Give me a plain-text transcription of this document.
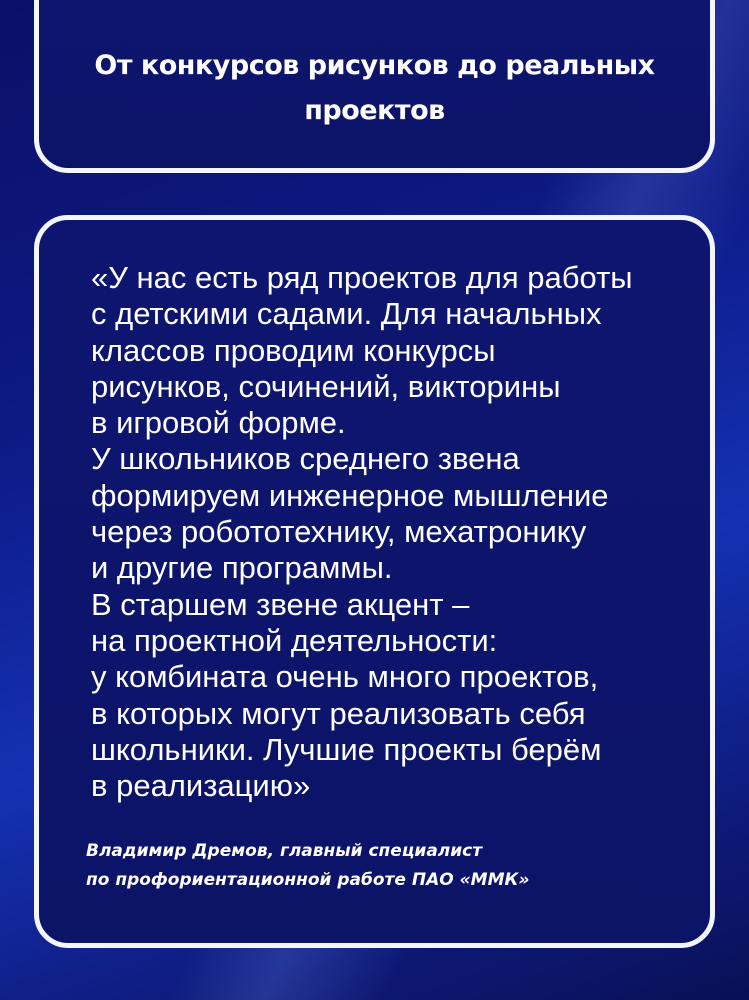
От конкурсов рисунков до реальных проектов

«У нас есть ряд проектов для работы
с детскими садами. Для начальных
классов проводим конкурсы
рисунков, сочинений, викторины
в игровой форме.
У школьников среднего звена
формируем инженерное мышление
через робототехнику, мехатронику
и другие программы.
В старшем звене акцент –
на проектной деятельности:
у комбината очень много проектов,
в которых могут реализовать себя
школьники. Лучшие проекты берём
в реализацию»

Владимир Дремов, главный специалист
по профориентационной работе ПАО «ММК»
